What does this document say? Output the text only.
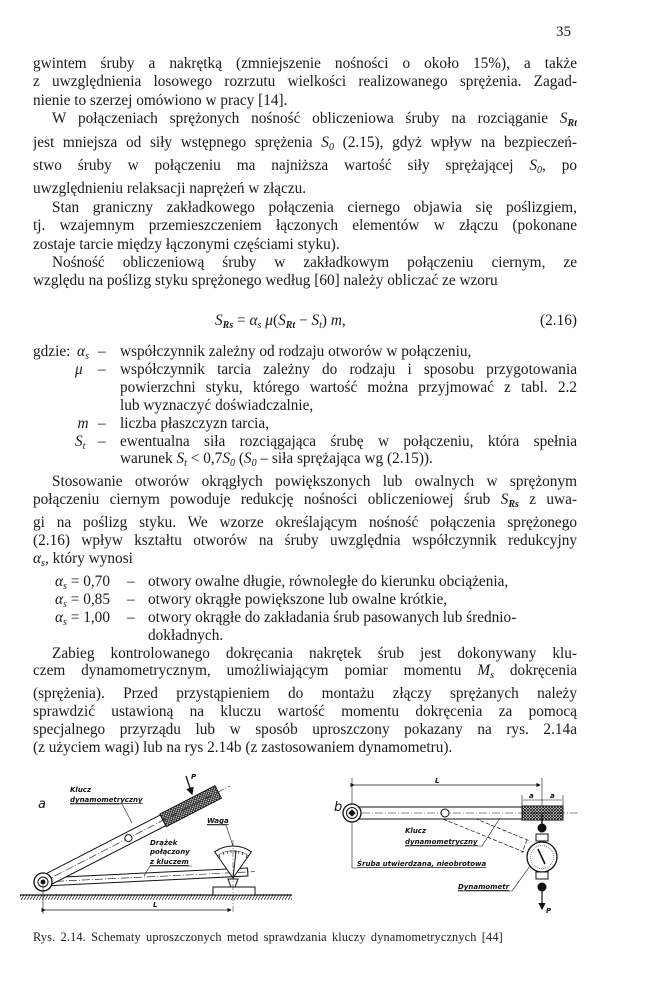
35
gwintem śruby a nakrętką (zmniejszenie nośności o około 15%), a także
z uwzględnienia losowego rozrzutu wielkości realizowanego sprężenia. Zagad-
nienie to szerzej omówiono w pracy [14].
W połączeniach sprężonych nośność obliczeniowa śruby na rozciąganie $S_{Rt}$
jest mniejsza od siły wstępnego sprężenia $S_0$ (2.15), gdyż wpływ na bezpieczeń-
stwo śruby w połączeniu ma najniższa wartość siły sprężającej $S_0$, po
uwzględnieniu relaksacji naprężeń w złączu.
Stan graniczny zakładkowego połączenia ciernego objawia się poślizgiem,
tj. wzajemnym przemieszczeniem łączonych elementów w złączu (pokonane
zostaje tarcie między łączonymi częściami styku).
Nośność obliczeniową śruby w zakładkowym połączeniu ciernym, ze
względu na poślizg styku sprężonego według [60] należy obliczać ze wzoru
$S_{Rs} = \alpha_s$ $\mu(S_{Rt} - S_t)$ m,	(2.16)
gdzie: $\alpha_s$ – współczynnik zależny od rodzaju otworów w połączeniu,
μ	– współczynnik tarcia zależny do rodzaju i sposobu przygotowania
powierzchni styku, którego wartość można przyjmować z tabl. 2.2
lub wyznaczyć doświadczalnie,
m – liczba płaszczyzn tarcia,
$S_t$ – ewentualna siła rozciągająca śrubę w połączeniu, która spełnia
warunek $S_t < 0,7S_0$ ($S_0$ – siła sprężająca wg (2.15)).
Stosowanie otworów okrągłych powiększonych lub owalnych w sprężonym
połączeniu ciernym powoduje redukcję nośności obliczeniowej śrub $S_{Rs}$ z uwa-
gi na poślizg styku. We wzorze określającym nośność połączenia sprężonego
(2.16) wpływ kształtu otworów na śruby uwzględnia współczynnik redukcyjny
$\alpha_s$, który wynosi
$\alpha_s = 0,70$ – otwory owalne długie, równoległe do kierunku obciążenia,
$\alpha_s = 0,85$ – otwory okrągłe powiększone lub owalne krótkie,
$\alpha_s = 1,00$ – otwory okrągłe do zakładania śrub pasowanych lub średnio-
dokładnych.
Zabieg kontrolowanego dokręcania nakrętek śrub jest dokonywany klu-
czem dynamometrycznym, umożliwiającym pomiar momentu $M_s$ dokręcenia
(sprężenia). Przed przystąpieniem do montażu złączy sprężanych należy
sprawdzić ustawioną na kluczu wartość momentu dokręcenia za pomocą
specjalnego przyrządu lub w sposób uproszczony pokazany na rys. 2.14a
(z użyciem wagi) lub na rys 2.14b (z zastosowaniem dynamometru).
a
P
L
Klucz
dynamometryczny
Waga
Drążek
połączony
z kluczem
b
L
a a
P
Klucz
dynamometryczny
Śruba utwierdzana, nieobrotowa
Dynamometr
Rys. 2.14. Schematy uproszczonych metod sprawdzania kluczy dynamometrycznych [44]
